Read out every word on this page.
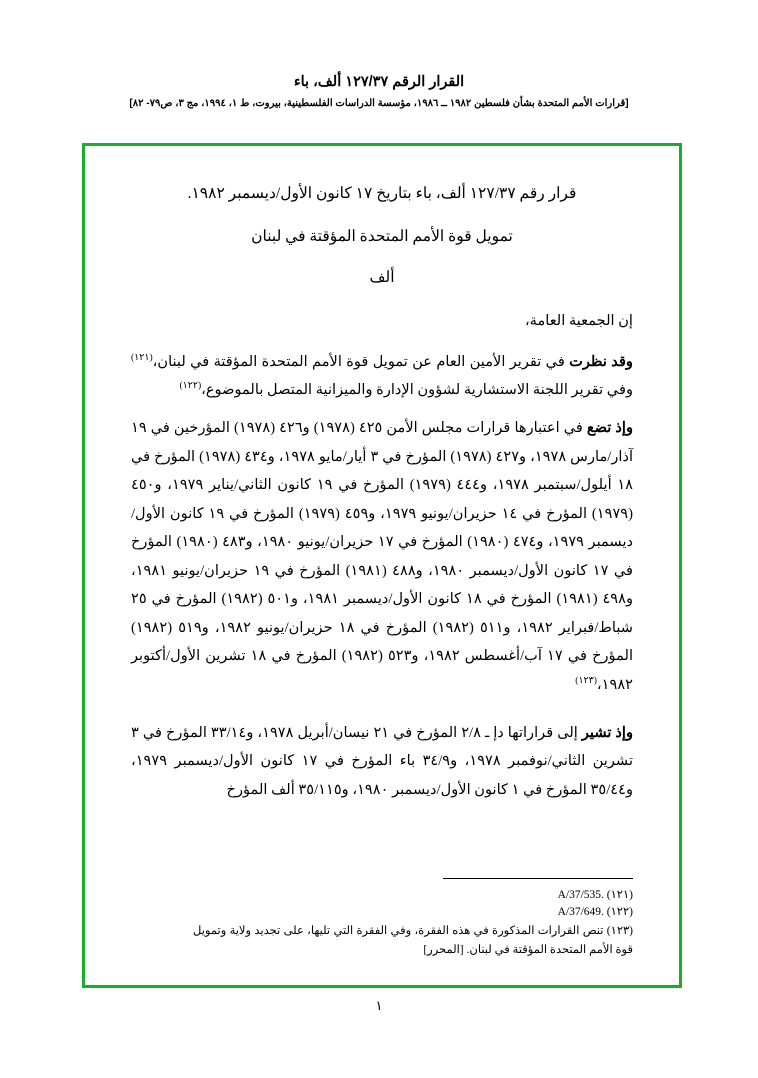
القرار الرقم ١٢٧/٣٧ ألف، باء

[قرارات الأمم المتحدة بشأن فلسطين ١٩٨٢ ــ ١٩٨٦، مؤسسة الدراسات الفلسطينية، بيروت، ط ١، ١٩٩٤، مج ٣، ص٧٩- ٨٢]

قرار رقم ١٢٧/٣٧ ألف، باء بتاريخ ١٧ كانون الأول/ديسمبر ١٩٨٢.

تمويل قوة الأمم المتحدة المؤقتة في لبنان

ألف

إن الجمعية العامة،

وقد نظرت في تقرير الأمين العام عن تمويل قوة الأمم المتحدة المؤقتة في لبنان،$^{(١٢١)}$ وفي تقرير اللجنة الاستشارية لشؤون الإدارة والميزانية المتصل بالموضوع،$^{(١٢٢)}$

وإذ تضع في اعتبارها قرارات مجلس الأمن ٤٢٥ (١٩٧٨) و٤٢٦ (١٩٧٨) المؤرخين في ١٩ آذار/مارس ١٩٧٨، و٤٢٧ (١٩٧٨) المؤرخ في ٣ أيار/مايو ١٩٧٨، و٤٣٤ (١٩٧٨) المؤرخ في ١٨ أيلول/سبتمبر ١٩٧٨، و٤٤٤ (١٩٧٩) المؤرخ في ١٩ كانون الثاني/يناير ١٩٧٩، و٤٥٠ (١٩٧٩) المؤرخ في ١٤ حزيران/يونيو ١٩٧٩، و٤٥٩ (١٩٧٩) المؤرخ في ١٩ كانون الأول/ديسمبر ١٩٧٩، و٤٧٤ (١٩٨٠) المؤرخ في ١٧ حزيران/يونيو ١٩٨٠، و٤٨٣ (١٩٨٠) المؤرخ في ١٧ كانون الأول/ديسمبر ١٩٨٠، و٤٨٨ (١٩٨١) المؤرخ في ١٩ حزيران/يونيو ١٩٨١، و٤٩٨ (١٩٨١) المؤرخ في ١٨ كانون الأول/ديسمبر ١٩٨١، و٥٠١ (١٩٨٢) المؤرخ في ٢٥ شباط/فبراير ١٩٨٢، و٥١١ (١٩٨٢) المؤرخ في ١٨ حزيران/يونيو ١٩٨٢، و٥١٩ (١٩٨٢) المؤرخ في ١٧ آب/أغسطس ١٩٨٢، و٥٢٣ (١٩٨٢) المؤرخ في ١٨ تشرين الأول/أكتوبر ١٩٨٢،$^{(١٢٣)}$

وإذ تشير إلى قراراتها دإ ـ ٢/٨ المؤرخ في ٢١ نيسان/أبريل ١٩٧٨، و٣٣/١٤ المؤرخ في ٣ تشرين الثاني/نوفمبر ١٩٧٨، و٣٤/٩ باء المؤرخ في ١٧ كانون الأول/ديسمبر ١٩٧٩، و٣٥/٤٤ المؤرخ في ١ كانون الأول/ديسمبر ١٩٨٠، و٣٥/١١٥ ألف المؤرخ

(١٢١) A/37/535.

(١٢٢) A/37/649.

(١٢٣) تنص القرارات المذكورة في هذه الفقرة، وفي الفقرة التي تليها، على تجديد ولاية وتمويل قوة الأمم المتحدة المؤقتة في لبنان. [المحرر]

١
